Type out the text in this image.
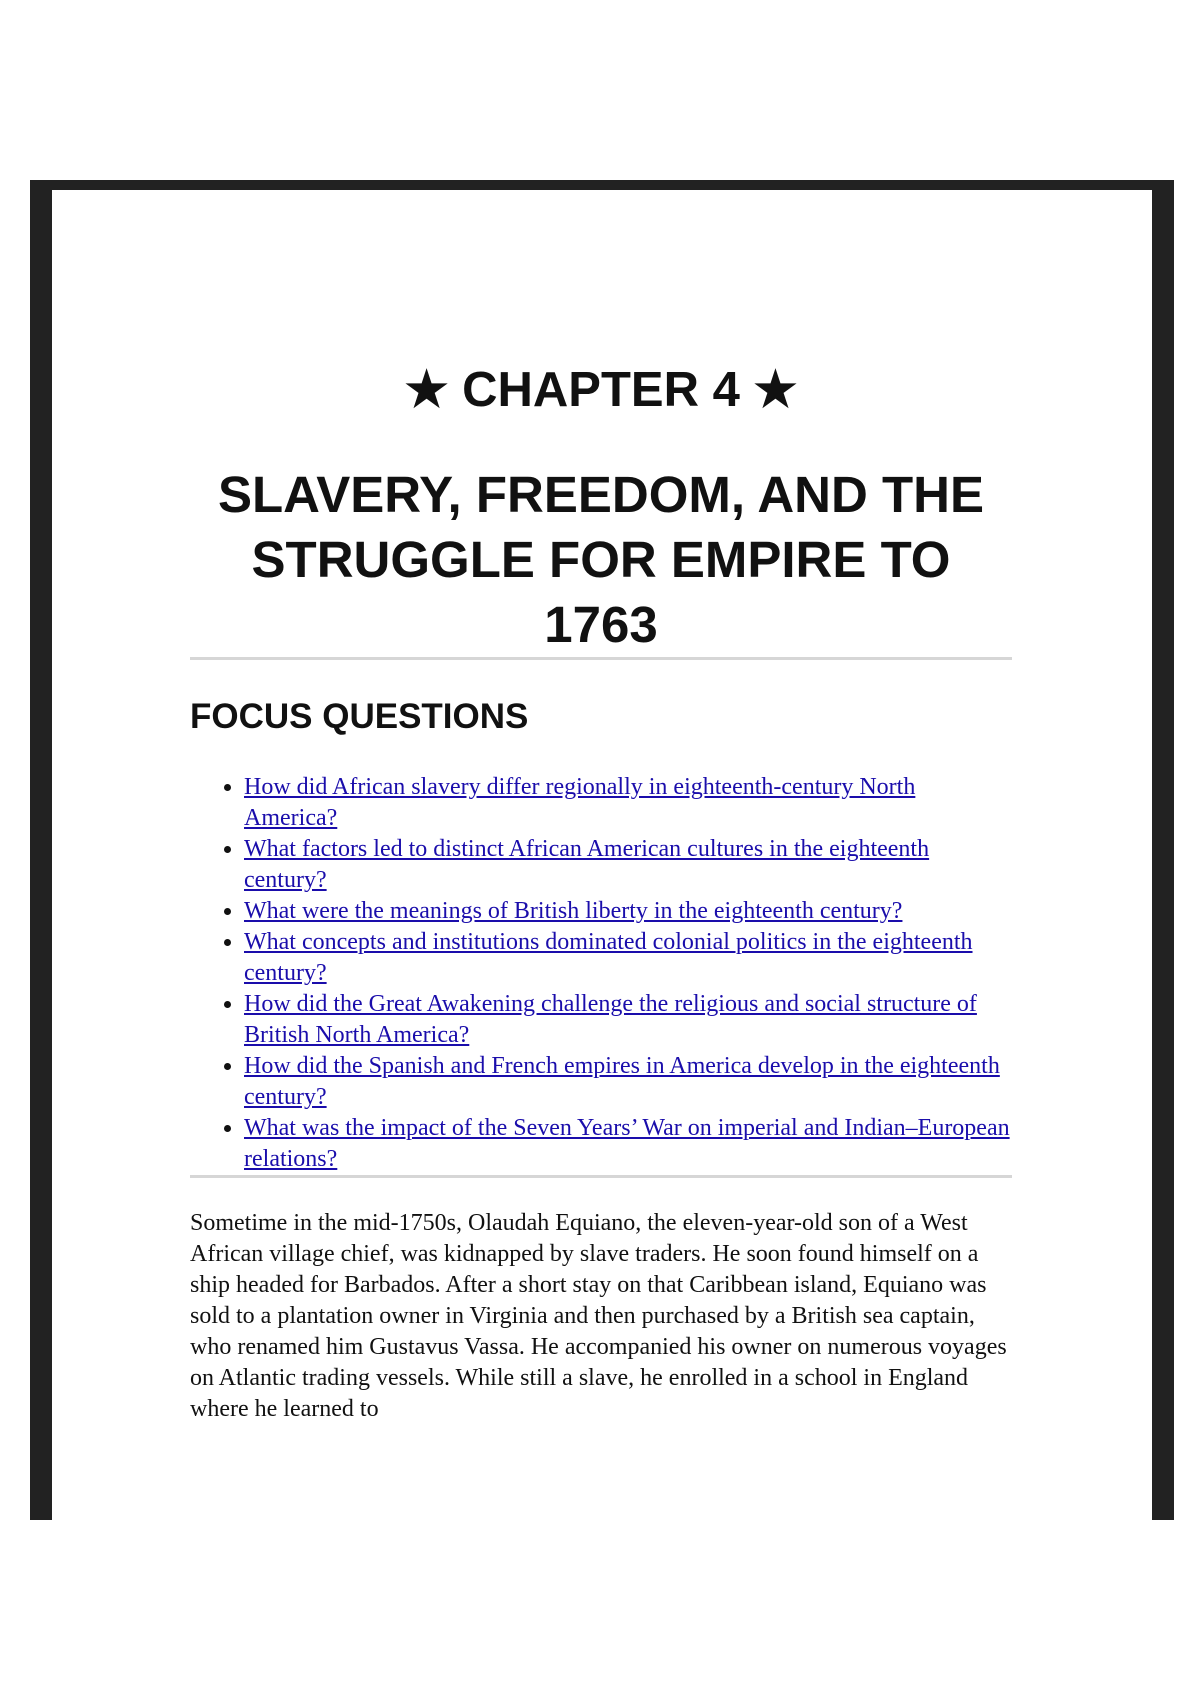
★ CHAPTER 4 ★
SLAVERY, FREEDOM, AND THE STRUGGLE FOR EMPIRE TO 1763
FOCUS QUESTIONS
• How did African slavery differ regionally in eighteenth-century North America?
• What factors led to distinct African American cultures in the eighteenth century?
• What were the meanings of British liberty in the eighteenth century?
• What concepts and institutions dominated colonial politics in the eighteenth century?
• How did the Great Awakening challenge the religious and social structure of British North America?
• How did the Spanish and French empires in America develop in the eighteenth century?
• What was the impact of the Seven Years’ War on imperial and Indian–European relations?

Sometime in the mid-1750s, Olaudah Equiano, the eleven-year-old son of a West African village chief, was kidnapped by slave traders. He soon found himself on a ship headed for Barbados. After a short stay on that Caribbean island, Equiano was sold to a plantation owner in Virginia and then purchased by a British sea captain, who renamed him Gustavus Vassa. He accompanied his owner on numerous voyages on Atlantic trading vessels. While still a slave, he enrolled in a school in England where he learned to
